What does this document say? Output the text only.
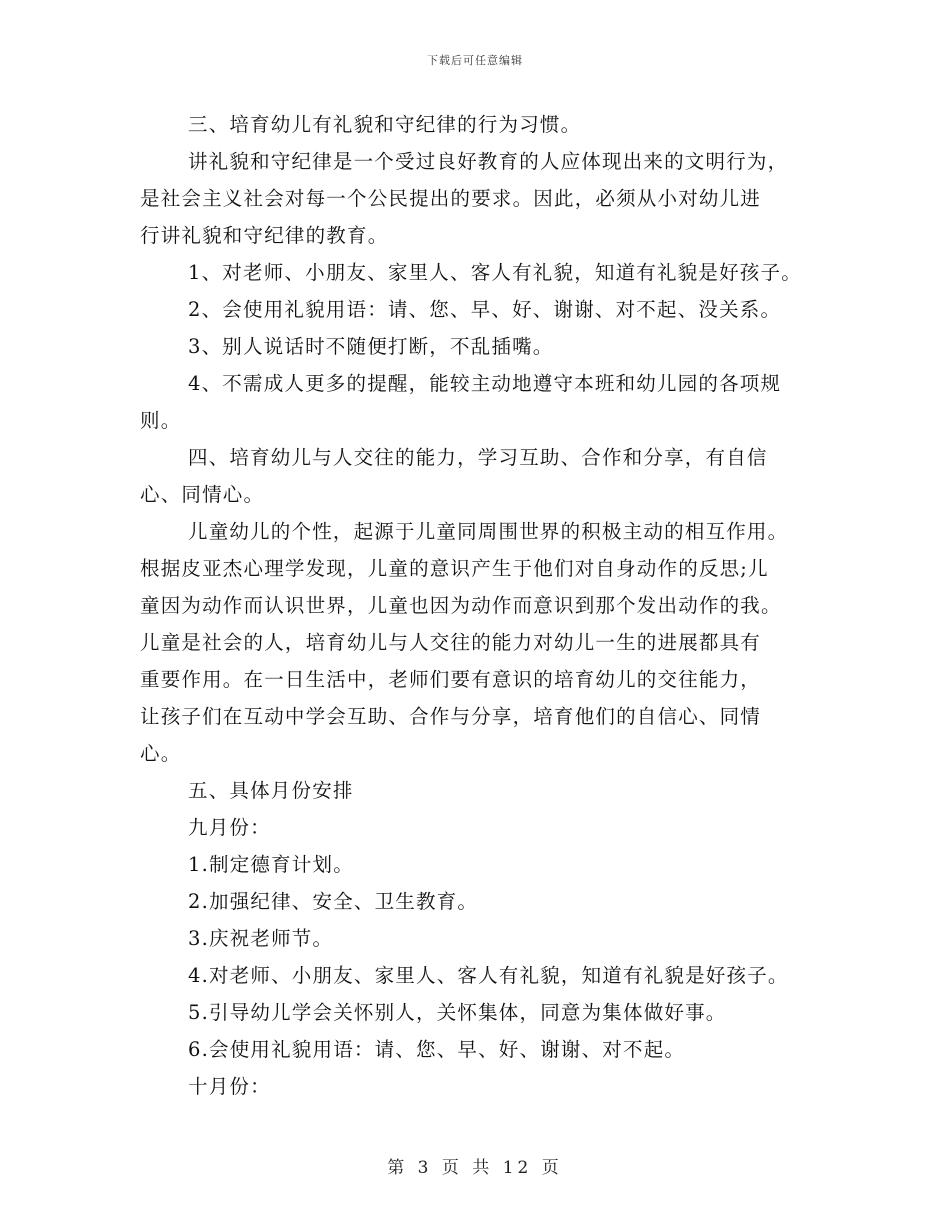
下载后可任意编辑
三、培育幼儿有礼貌和守纪律的行为习惯。
讲礼貌和守纪律是一个受过良好教育的人应体现出来的文明行为，
是社会主义社会对每一个公民提出的要求。因此，必须从小对幼儿进
行讲礼貌和守纪律的教育。
1、对老师、小朋友、家里人、客人有礼貌，知道有礼貌是好孩子。
2、会使用礼貌用语：请、您、早、好、谢谢、对不起、没关系。
3、别人说话时不随便打断，不乱插嘴。
4、不需成人更多的提醒，能较主动地遵守本班和幼儿园的各项规
则。
四、培育幼儿与人交往的能力，学习互助、合作和分享，有自信
心、同情心。
儿童幼儿的个性，起源于儿童同周围世界的积极主动的相互作用。
根据皮亚杰心理学发现，儿童的意识产生于他们对自身动作的反思;儿
童因为动作而认识世界，儿童也因为动作而意识到那个发出动作的我。
儿童是社会的人，培育幼儿与人交往的能力对幼儿一生的进展都具有
重要作用。在一日生活中，老师们要有意识的培育幼儿的交往能力，
让孩子们在互动中学会互助、合作与分享，培育他们的自信心、同情
心。
五、具体月份安排
九月份：
1.制定德育计划。
2.加强纪律、安全、卫生教育。
3.庆祝老师节。
4.对老师、小朋友、家里人、客人有礼貌，知道有礼貌是好孩子。
5.引导幼儿学会关怀别人，关怀集体，同意为集体做好事。
6.会使用礼貌用语：请、您、早、好、谢谢、对不起。
十月份：
第 3 页 共 12 页
